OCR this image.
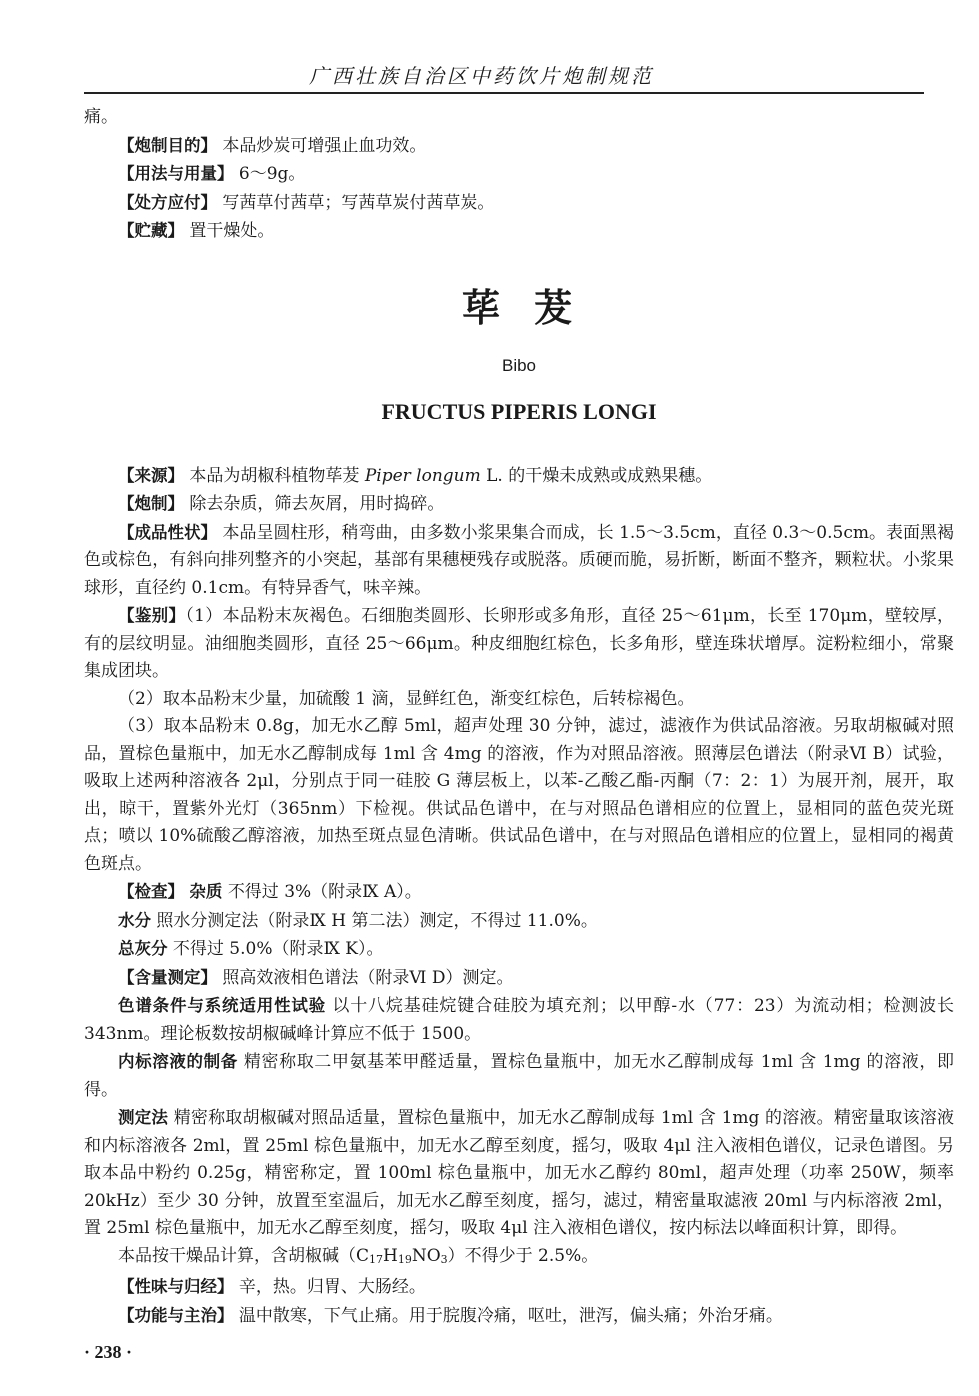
广西壮族自治区中药饮片炮制规范

痛。

【炮制目的】 本品炒炭可增强止血功效。

【用法与用量】 6～9g。

【处方应付】 写茜草付茜草；写茜草炭付茜草炭。

【贮藏】 置干燥处。

荜茇
Bibo
FRUCTUS PIPERIS LONGI

【来源】 本品为胡椒科植物荜茇 Piper longum L. 的干燥未成熟或成熟果穗。

【炮制】 除去杂质，筛去灰屑，用时捣碎。

【成品性状】 本品呈圆柱形，稍弯曲，由多数小浆果集合而成，长 1.5～3.5cm，直径 0.3～0.5cm。表面黑褐色或棕色，有斜向排列整齐的小突起，基部有果穗梗残存或脱落。质硬而脆，易折断，断面不整齐，颗粒状。小浆果球形，直径约 0.1cm。有特异香气，味辛辣。

【鉴别】（1）本品粉末灰褐色。石细胞类圆形、长卵形或多角形，直径 25～61μm，长至 170μm，壁较厚，有的层纹明显。油细胞类圆形，直径 25～66μm。种皮细胞红棕色，长多角形，壁连珠状增厚。淀粉粒细小，常聚集成团块。

（2）取本品粉末少量，加硫酸 1 滴，显鲜红色，渐变红棕色，后转棕褐色。

（3）取本品粉末 0.8g，加无水乙醇 5ml，超声处理 30 分钟，滤过，滤液作为供试品溶液。另取胡椒碱对照品，置棕色量瓶中，加无水乙醇制成每 1ml 含 4mg 的溶液，作为对照品溶液。照薄层色谱法（附录Ⅵ B）试验，吸取上述两种溶液各 2μl，分别点于同一硅胶 G 薄层板上，以苯-乙酸乙酯-丙酮（7：2：1）为展开剂，展开，取出，晾干，置紫外光灯（365nm）下检视。供试品色谱中，在与对照品色谱相应的位置上，显相同的蓝色荧光斑点；喷以 10%硫酸乙醇溶液，加热至斑点显色清晰。供试品色谱中，在与对照品色谱相应的位置上，显相同的褐黄色斑点。

【检查】 杂质 不得过 3%（附录Ⅸ A）。

水分 照水分测定法（附录Ⅸ H 第二法）测定，不得过 11.0%。

总灰分 不得过 5.0%（附录Ⅸ K）。

【含量测定】 照高效液相色谱法（附录Ⅵ D）测定。

色谱条件与系统适用性试验 以十八烷基硅烷键合硅胶为填充剂；以甲醇-水（77：23）为流动相；检测波长 343nm。理论板数按胡椒碱峰计算应不低于 1500。

内标溶液的制备 精密称取二甲氨基苯甲醛适量，置棕色量瓶中，加无水乙醇制成每 1ml 含 1mg 的溶液，即得。

测定法 精密称取胡椒碱对照品适量，置棕色量瓶中，加无水乙醇制成每 1ml 含 1mg 的溶液。精密量取该溶液和内标溶液各 2ml，置 25ml 棕色量瓶中，加无水乙醇至刻度，摇匀，吸取 4μl 注入液相色谱仪，记录色谱图。另取本品中粉约 0.25g，精密称定，置 100ml 棕色量瓶中，加无水乙醇约 80ml，超声处理（功率 250W，频率 20kHz）至少 30 分钟，放置至室温后，加无水乙醇至刻度，摇匀，滤过，精密量取滤液 20ml 与内标溶液 2ml，置 25ml 棕色量瓶中，加无水乙醇至刻度，摇匀，吸取 4μl 注入液相色谱仪，按内标法以峰面积计算，即得。

本品按干燥品计算，含胡椒碱$(C_{17}H_{19}NO_3)$不得少于 2.5%。

【性味与归经】 辛，热。归胃、大肠经。

【功能与主治】 温中散寒，下气止痛。用于脘腹冷痛，呕吐，泄泻，偏头痛；外治牙痛。

· 238 ·
